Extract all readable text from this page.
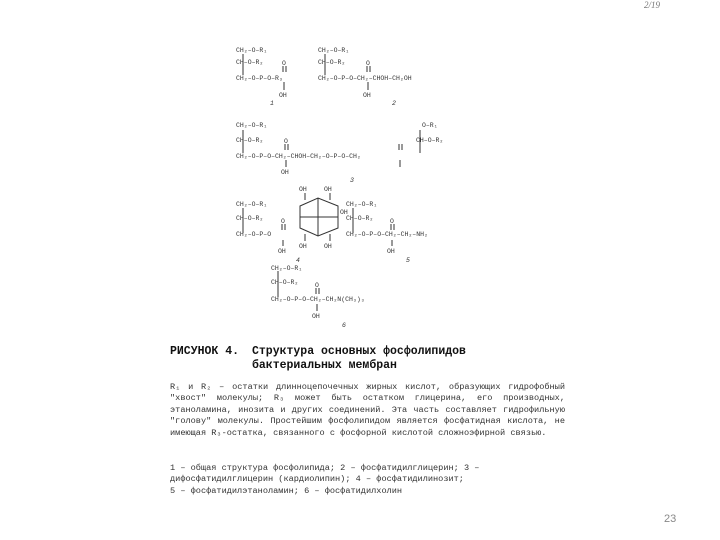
2/19
CH₂–O–R₁
CH–O–R₂
CH₂–O–P–O–R₃
O
OH
1
CH₂–O–R₁
CH–O–R₂
CH₂–O–P–O–CH₂–CHOH–CH₂OH
O
OH
2
CH₂–O–R₁
CH–O–R₂
CH₂–O–P–O–CH₂–CHOH–CH₂–O–P–O–CH₂
O–R₁
CH–O–R₂
O
OH
3
CH₂–O–R₁
CH–O–R₂
CH₂–O–P–O
O
OH
OH	OH
OH
OH	OH
4
CH₂–O–R₁
CH–O–R₂
CH₂–O–P–O–CH₂–CH₂–NH₂
O
OH
5
CH₂–O–R₁
CH–O–R₂
CH₂–O–P–O–CH₂–CH₂N(CH₃)₃
O
OH
6
РИСУНОК 4. Структура основных фосфолипидов бактериальных мембран

R₁ и R₂ – остатки длинноцепочечных жирных кислот, образующих гидрофобный "хвост" молекулы; R₃ может быть остатком глицерина, его производных, этаноламина, инозита и других соединений. Эта часть составляет гидрофильную "голову" молекулы. Простейшим фосфолипидом является фосфатидная кислота, не имеющая R₃-остатка, связанного с фосфорной кислотой сложноэфирной связью.

1 – общая структура фосфолипида; 2 – фосфатидилглицерин; 3 –

дифосфатидилглицерин (кардиолипин); 4 – фосфатидилинозит;

5 – фосфатидилэтаноламин; 6 – фосфатидилхолин

23
